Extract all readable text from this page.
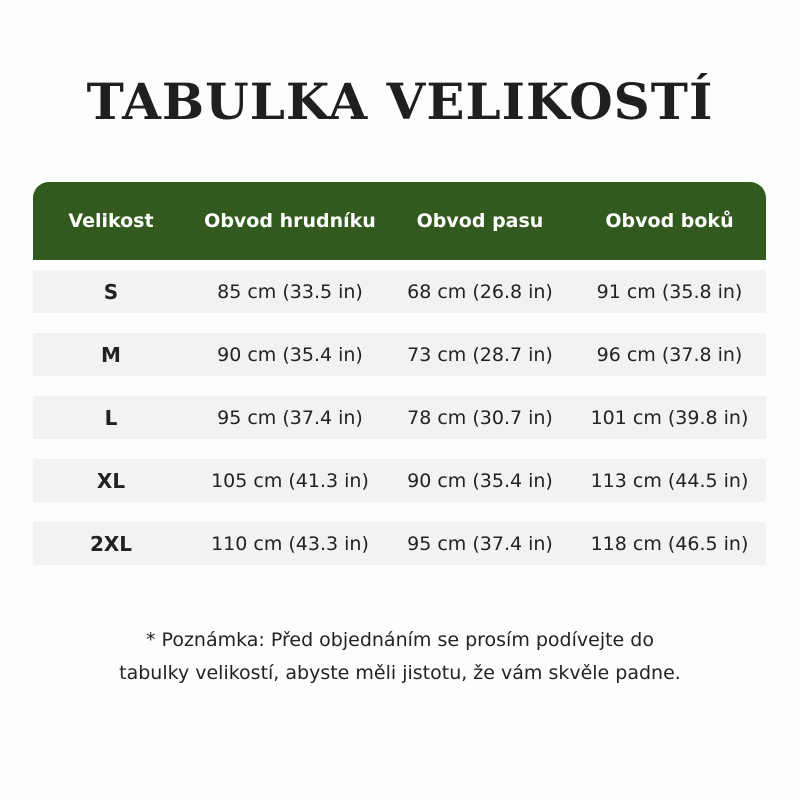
TABULKA VELIKOSTÍ
Velikost	Obvod hrudníku	Obvod pasu	Obvod boků
S	85 cm (33.5 in)	68 cm (26.8 in)	91 cm (35.8 in)
M	90 cm (35.4 in)	73 cm (28.7 in)	96 cm (37.8 in)
L	95 cm (37.4 in)	78 cm (30.7 in)	101 cm (39.8 in)
XL	105 cm (41.3 in)	90 cm (35.4 in)	113 cm (44.5 in)
2XL	110 cm (43.3 in)	95 cm (37.4 in)	118 cm (46.5 in)
* Poznámka: Před objednáním se prosím podívejte do
tabulky velikostí, abyste měli jistotu, že vám skvěle padne.
